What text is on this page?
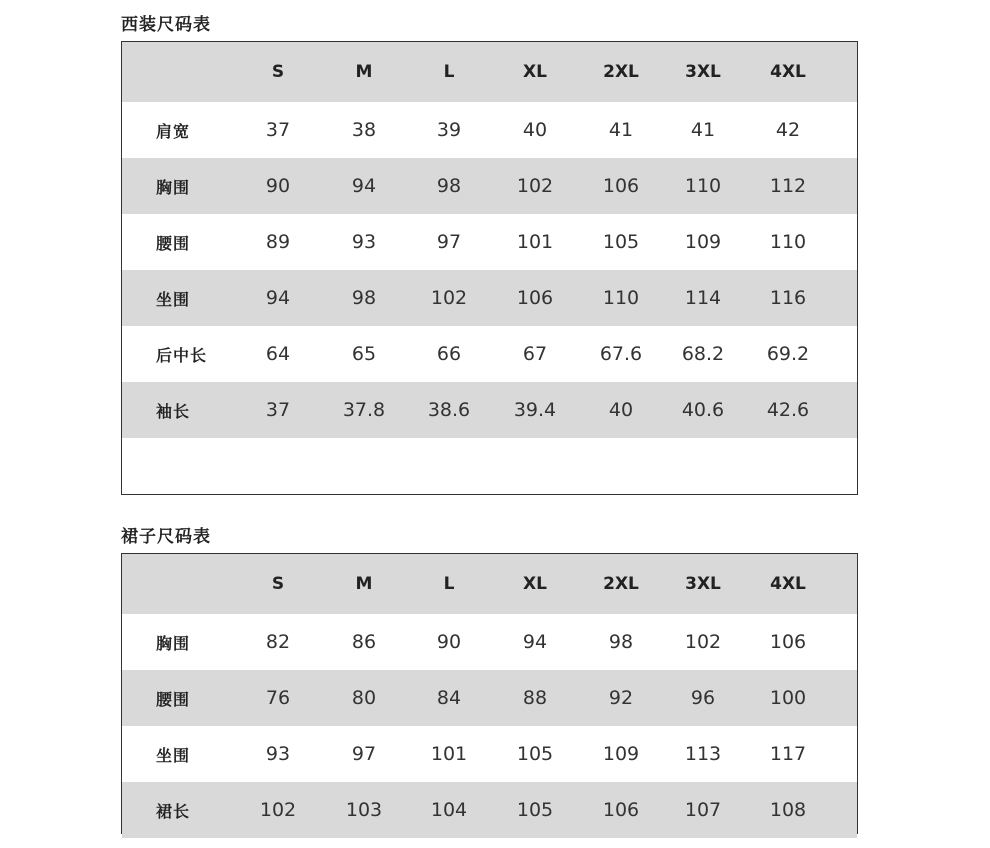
西装尺码表
S	M	L	XL	2XL	3XL	4XL
肩宽	37	38	39	40	41	41	42
胸围	90	94	98	102	106	110	112
腰围	89	93	97	101	105	109	110
坐围	94	98	102	106	110	114	116
后中长	64	65	66	67	67.6	68.2	69.2
袖长	37	37.8	38.6	39.4	40	40.6	42.6
裙子尺码表
S	M	L	XL	2XL	3XL	4XL
胸围	82	86	90	94	98	102	106
腰围	76	80	84	88	92	96	100
坐围	93	97	101	105	109	113	117
裙长	102	103	104	105	106	107	108
